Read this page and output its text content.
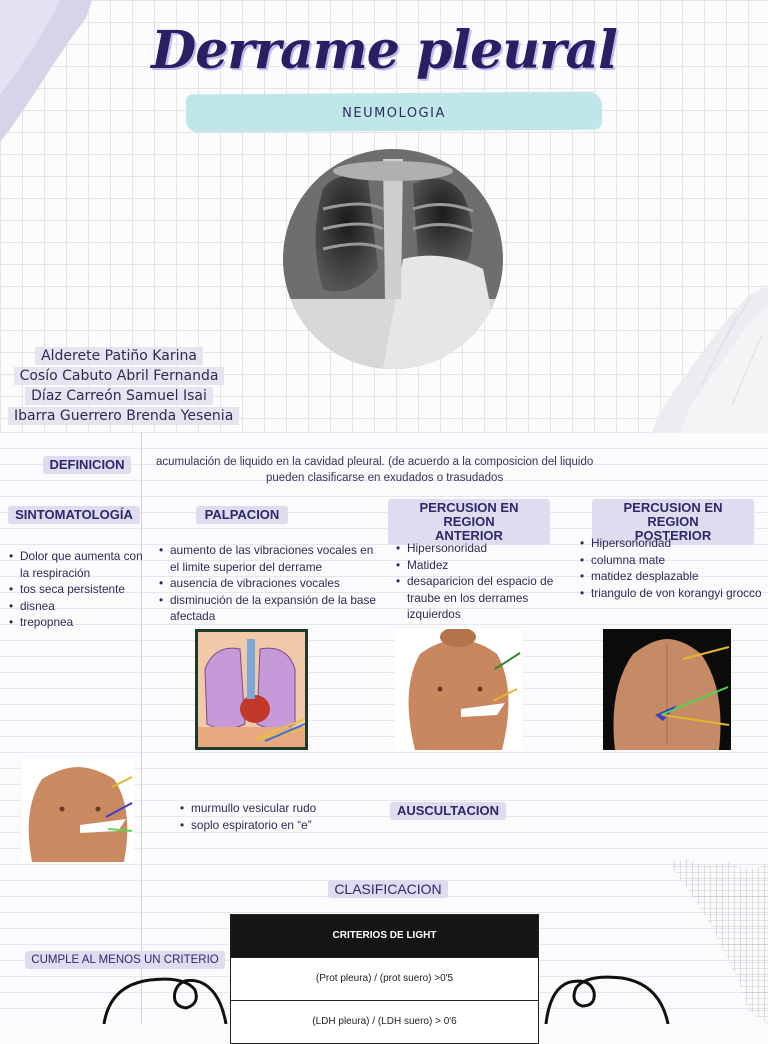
Derrame pleural
NEUMOLOGIA
Alderete Patiño Karina
Cosío Cabuto Abril Fernanda
Díaz Carreón Samuel Isai
Ibarra Guerrero Brenda Yesenia
DEFINICION	acumulación de liquido en la cavidad pleural. (de acuerdo a la composicion del liquido
pueden clasificarse en exudados o trasudados
SINTOMATOLOGÍA	PALPACION	PERCUSION EN REGION
ANTERIOR
PERCUSION EN REGION
POSTERIOR
• Dolor que aumenta con la respiración
• tos seca persistente
• disnea
• trepopnea
• aumento de las vibraciones vocales en el limite superior del derrame
• ausencia de vibraciones vocales
• disminución de la expansión de la base afectada
• Hipersonoridad
• Matidez
• desaparicion del espacio de traube en los derrames izquierdos
• Hipersonoridad
• columna mate
• matidez desplazable
• triangulo de von korangyi grocco
• murmullo vesicular rudo
• soplo espiratorio en “e”
AUSCULTACION
CLASIFICACION
CUMPLE AL MENOS UN CRITERIO
CRITERIOS DE LIGHT
(Prot pleura) / (prot suero) >0'5
(LDH pleura) / (LDH suero) > 0'6
